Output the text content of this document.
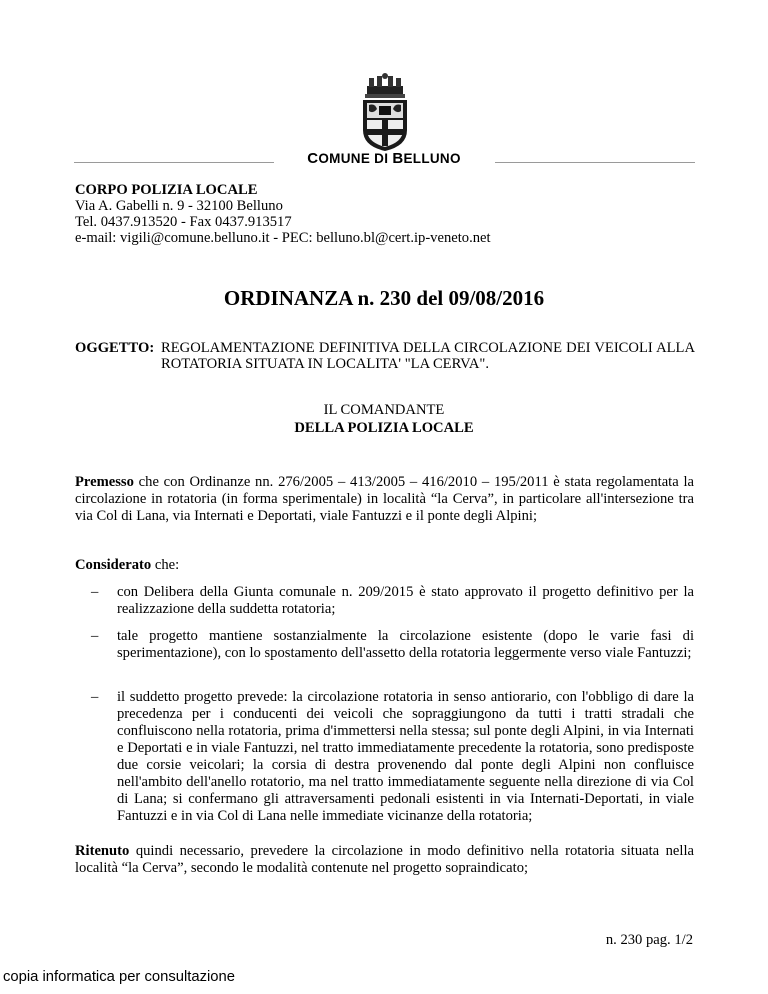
COMUNE DI BELLUNO
CORPO POLIZIA LOCALE
Via A. Gabelli n. 9 - 32100 Belluno
Tel. 0437.913520 - Fax 0437.913517
e-mail: vigili@comune.belluno.it - PEC: belluno.bl@cert.ip-veneto.net
ORDINANZA n. 230 del 09/08/2016
OGGETTO: REGOLAMENTAZIONE DEFINITIVA DELLA CIRCOLAZIONE DEI VEICOLI ALLA ROTATORIA SITUATA IN LOCALITA' "LA CERVA".
IL COMANDANTE
DELLA POLIZIA LOCALE
Premesso che con Ordinanze nn. 276/2005 – 413/2005 – 416/2010 – 195/2011 è stata regolamentata la circolazione in rotatoria (in forma sperimentale) in località “la Cerva”, in particolare all'intersezione tra via Col di Lana, via Internati e Deportati, viale Fantuzzi e il ponte degli Alpini;
Considerato che:
– con Delibera della Giunta comunale n. 209/2015 è stato approvato il progetto definitivo per la realizzazione della suddetta rotatoria;
– tale progetto mantiene sostanzialmente la circolazione esistente (dopo le varie fasi di sperimentazione), con lo spostamento dell'assetto della rotatoria leggermente verso viale Fantuzzi;
– il suddetto progetto prevede: la circolazione rotatoria in senso antiorario, con l'obbligo di dare la precedenza per i conducenti dei veicoli che sopraggiungono da tutti i tratti stradali che confluiscono nella rotatoria, prima d'immettersi nella stessa; sul ponte degli Alpini, in via Internati e Deportati e in viale Fantuzzi, nel tratto immediatamente precedente la rotatoria, sono predisposte due corsie veicolari; la corsia di destra provenendo dal ponte degli Alpini non confluisce nell'ambito dell'anello rotatorio, ma nel tratto immediatamente seguente nella direzione di via Col di Lana; si confermano gli attraversamenti pedonali esistenti in via Internati-Deportati, in viale Fantuzzi e in via Col di Lana nelle immediate vicinanze della rotatoria;
Ritenuto quindi necessario, prevedere la circolazione in modo definitivo nella rotatoria situata nella località “la Cerva”, secondo le modalità contenute nel progetto sopraindicato;
n. 230 pag. 1/2
copia informatica per consultazione
